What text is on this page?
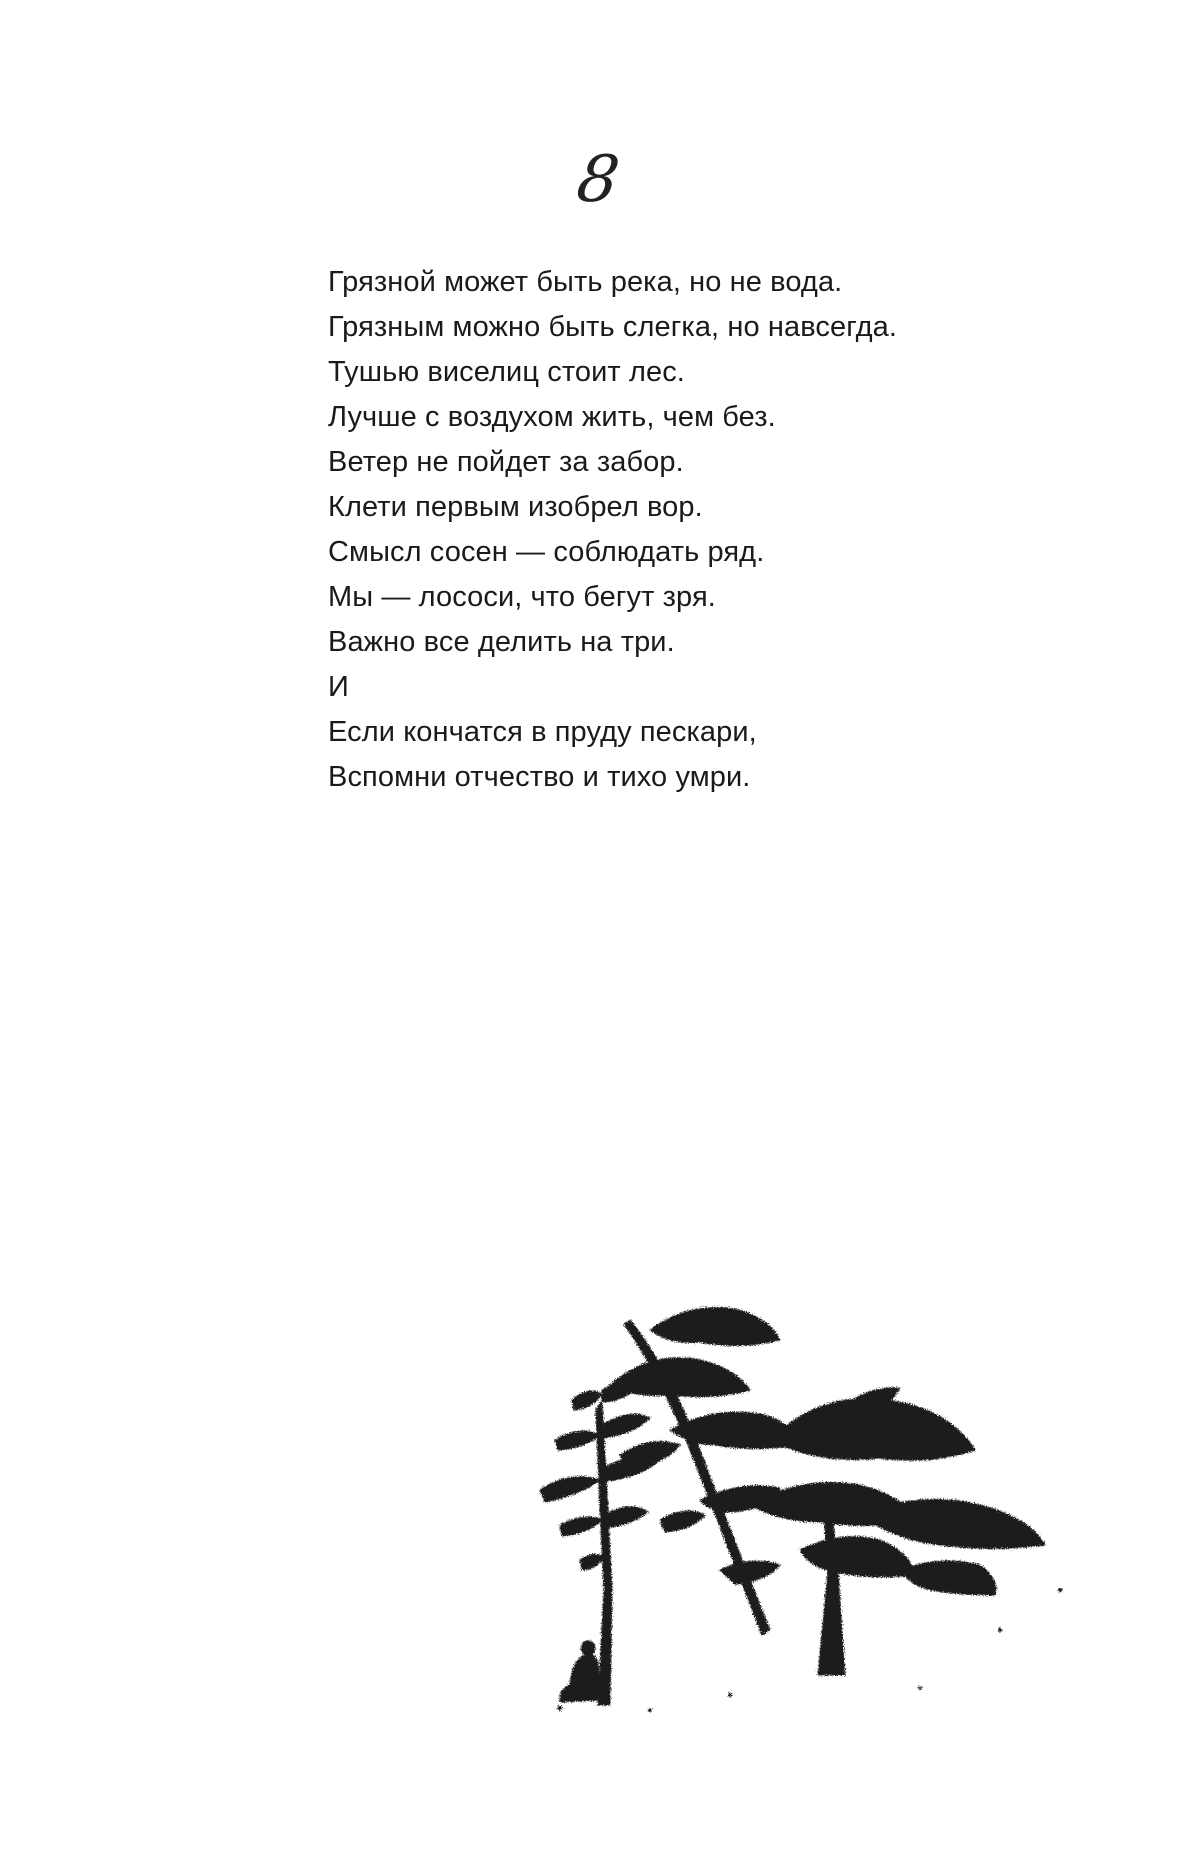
8
Грязной может быть река, но не вода.
Грязным можно быть слегка, но навсегда.
Тушью виселиц стоит лес.
Лучше с воздухом жить, чем без.
Ветер не пойдет за забор.
Клети первым изобрел вор.
Смысл сосен — соблюдать ряд.
Мы — лососи, что бегут зря.
Важно все делить на три.
И
Если кончатся в пруду пескари,
Вспомни отчество и тихо умри.
